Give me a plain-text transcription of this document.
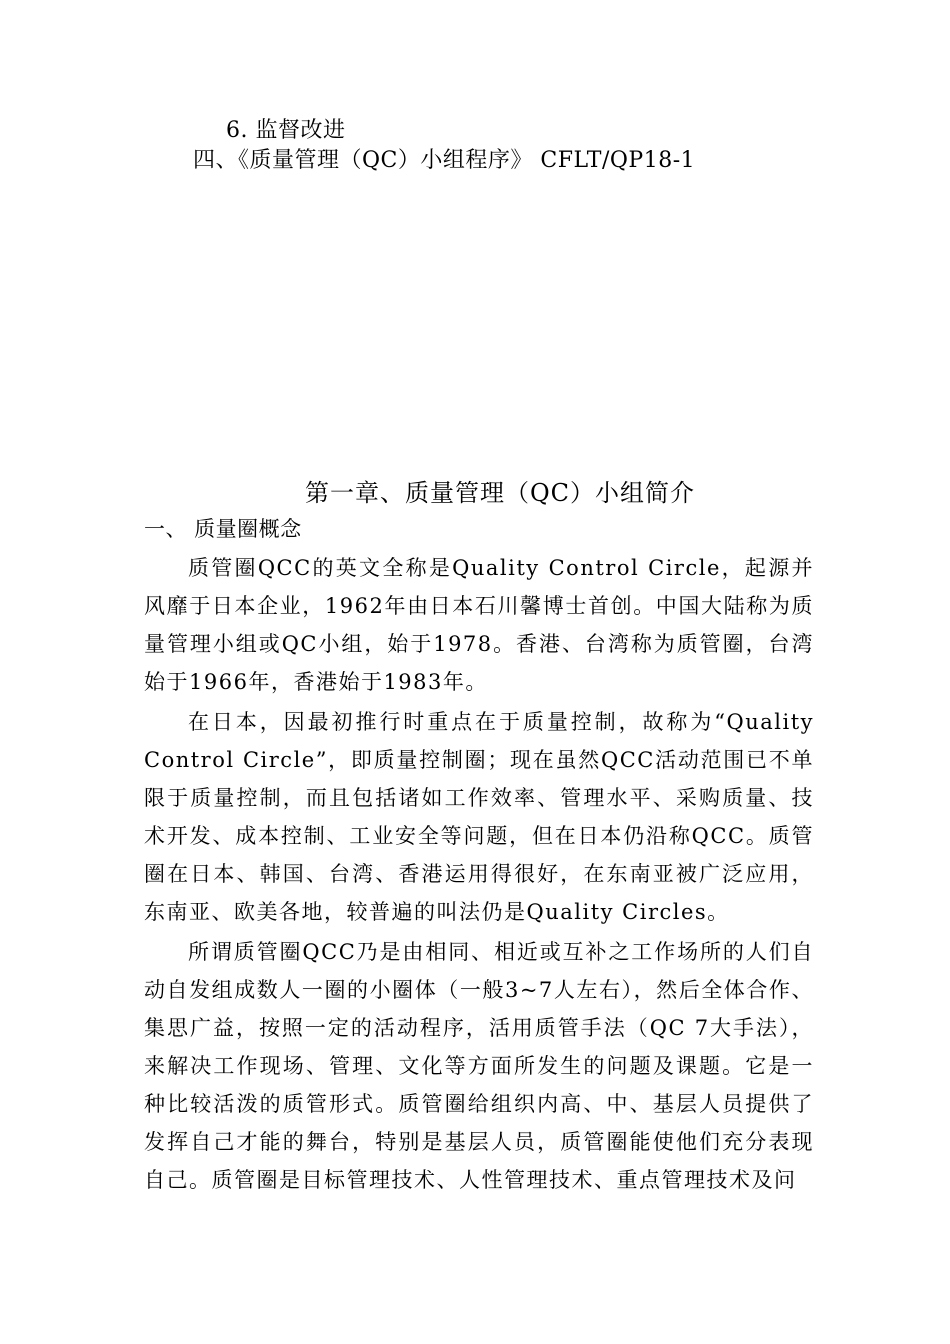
6. 监督改进
四、《质量管理（QC）小组程序》 CFLT/QP18-1
第一章、质量管理（QC）小组简介
一、 质量圈概念

质管圈QCC的英文全称是Quality Control Circle，起源并风靡于日本企业，1962年由日本石川馨博士首创。中国大陆称为质量管理小组或QC小组，始于1978。香港、台湾称为质管圈，台湾始于1966年，香港始于1983年。

在日本，因最初推行时重点在于质量控制，故称为“Quality Control Circle”，即质量控制圈；现在虽然QCC活动范围已不单限于质量控制，而且包括诸如工作效率、管理水平、采购质量、技术开发、成本控制、工业安全等问题，但在日本仍沿称QCC。质管圈在日本、韩国、台湾、香港运用得很好，在东南亚被广泛应用，东南亚、欧美各地，较普遍的叫法仍是Quality Circles。

所谓质管圈QCC乃是由相同、相近或互补之工作场所的人们自动自发组成数人一圈的小圈体（一般3~7人左右），然后全体合作、集思广益，按照一定的活动程序，活用质管手法（QC 7大手法），来解决工作现场、管理、文化等方面所发生的问题及课题。它是一种比较活泼的质管形式。质管圈给组织内高、中、基层人员提供了发挥自己才能的舞台，特别是基层人员，质管圈能使他们充分表现自己。质管圈是目标管理技术、人性管理技术、重点管理技术及问
